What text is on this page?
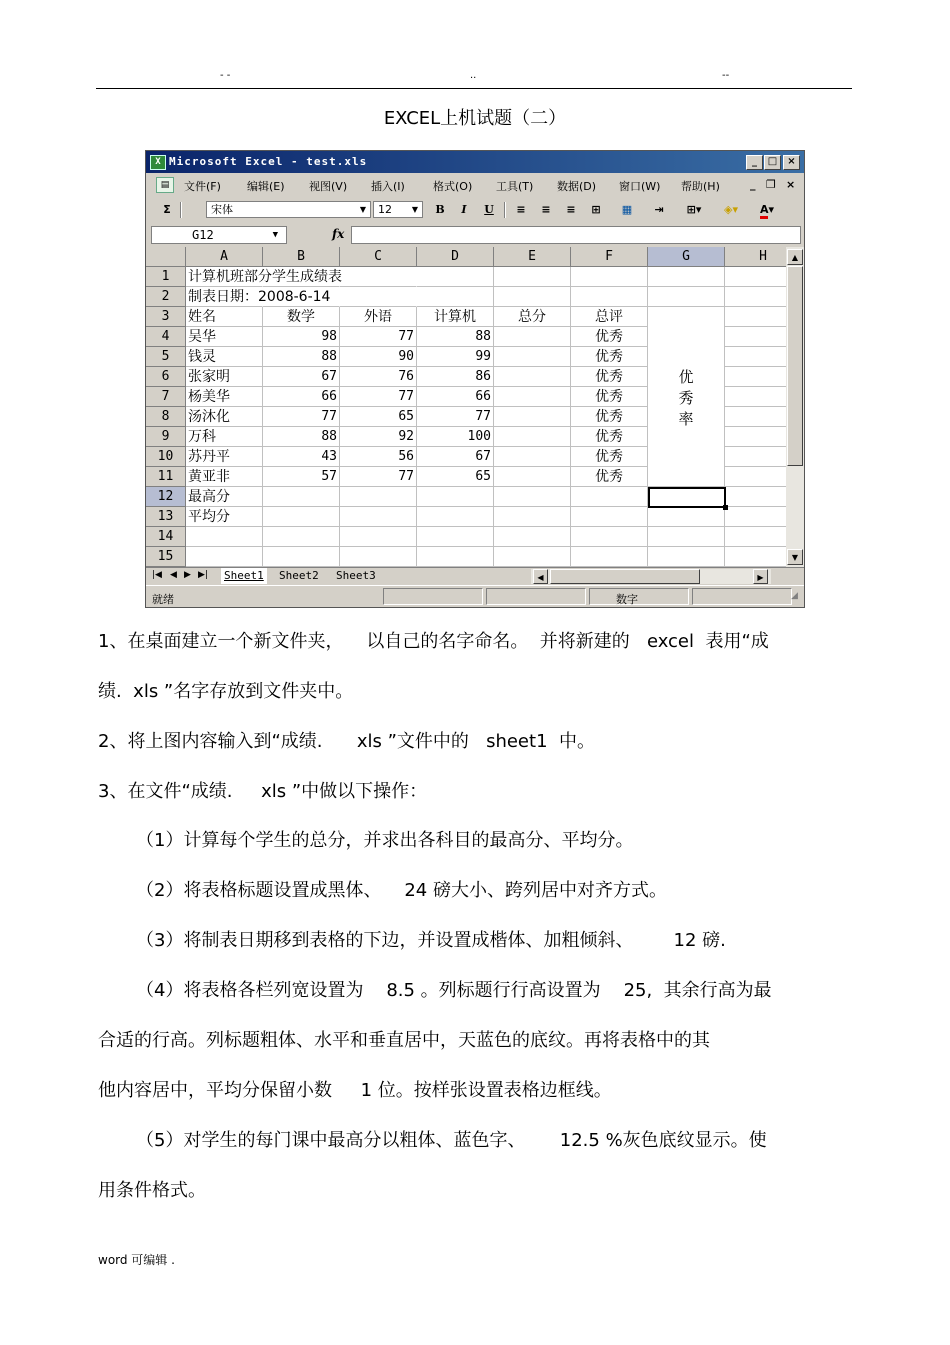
- -	..	--
EXCEL上机试题（二）
X Microsoft Excel - test.xls	_	□	×
▤	文件(F) 编辑(E) 视图(V) 插入(I)	格式(O) 工具(T) 数据(D) 窗口(W) 帮助(H)	_ ❐ ×
Σ	宋体	▼	12	▼ B	I	U	≡	≡	≡	⊞	▦	⇥	⊞▾	◈▾	A▾
G12	▼	fx
A	B	C	D	E	F	G	H
1
2
3
4
5
6
7
8
9
10
11
12
13
14
15
计算机班部分学生成绩表
制表日期：2008-6-14
姓名	数学	外语	计算机	总分	总评
吴华	98	77	88	优秀
钱灵	88	90	99	优秀
张家明	67	76	86	优秀
杨美华	66	77	66	优秀
汤沐化	77	65	77	优秀
万科	88	92	100	优秀
苏丹平	43	56	67	优秀
黄亚非	57	77	65	优秀
最高分
平均分
优
秀
率
▲
▼
|◀ ◀ ▶ ▶| Sheet1 Sheet2 Sheet3	◀	▶
就绪	数字	◢
1、在桌面建立一个新文件夹，    以自己的名字命名。  并将新建的   excel  表用“成
绩.  xls ”名字存放到文件夹中。
2、将上图内容输入到“成绩.      xls ”文件中的   sheet1  中。
3、在文件“成绩.     xls ”中做以下操作：
（1）计算每个学生的总分，并求出各科目的最高分、平均分。
（2）将表格标题设置成黑体、    24 磅大小、跨列居中对齐方式。
（3）将制表日期移到表格的下边，并设置成楷体、加粗倾斜、       12 磅.
（4）将表格各栏列宽设置为    8.5 。列标题行行高设置为    25,  其余行高为最
合适的行高。列标题粗体、水平和垂直居中，天蓝色的底纹。再将表格中的其
他内容居中，平均分保留小数     1 位。按样张设置表格边框线。
（5）对学生的每门课中最高分以粗体、蓝色字、      12.5 %灰色底纹显示。使
用条件格式。
word 可编辑 .
